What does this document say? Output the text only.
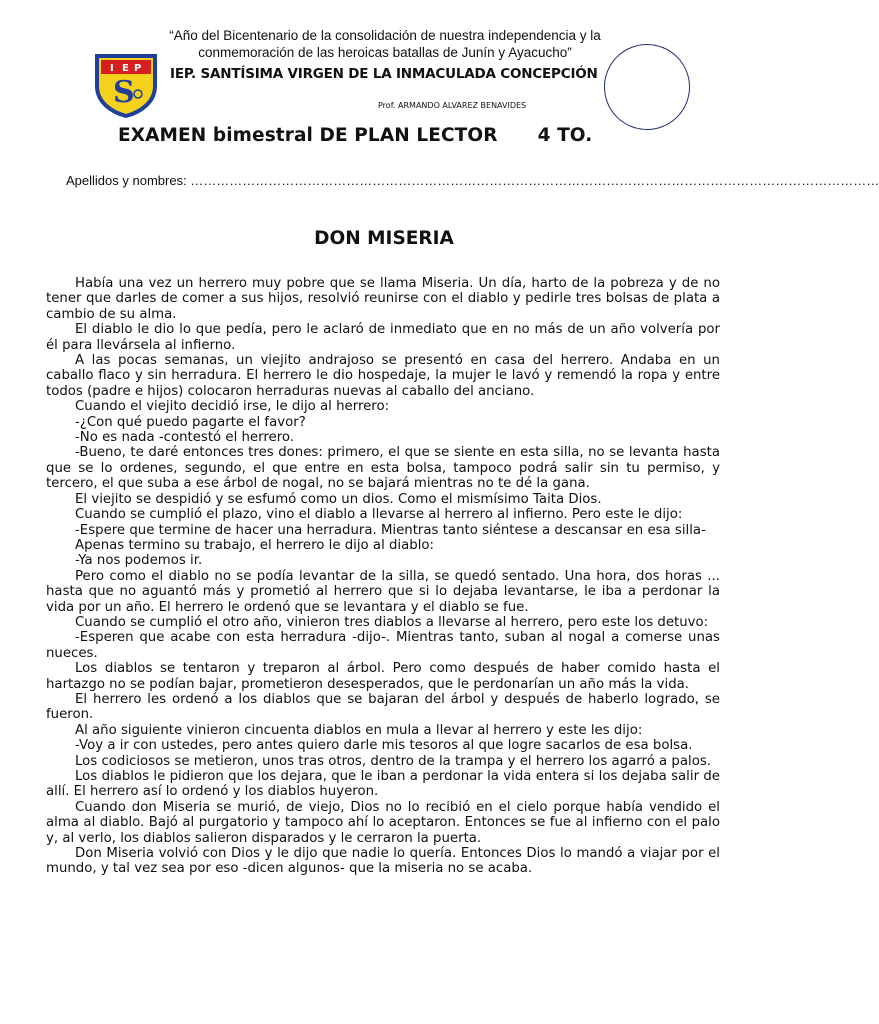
“Año del Bicentenario de la consolidación de nuestra independencia y la
conmemoración de las heroicas batallas de Junín y Ayacucho”
I E P
S
IEP. SANTÍSIMA VIRGEN DE LA INMACULADA CONCEPCIÓN
Prof. ARMANDO ALVAREZ BENAVIDES
EXAMEN bimestral DE PLAN LECTOR 4 TO.
Apellidos y nombres: ……………………………………………………………………………………………………………………………………………
DON MISERIA

Había una vez un herrero muy pobre que se llama Miseria. Un día, harto de la pobreza y de no tener que darles de comer a sus hijos, resolvió reunirse con el diablo y pedirle tres bolsas de plata a cambio de su alma.

El diablo le dio lo que pedía, pero le aclaró de inmediato que en no más de un año volvería por él para llevársela al infierno.

A las pocas semanas, un viejito andrajoso se presentó en casa del herrero. Andaba en un caballo flaco y sin herradura. El herrero le dio hospedaje, la mujer le lavó y remendó la ropa y entre todos (padre e hijos) colocaron herraduras nuevas al caballo del anciano.

Cuando el viejito decidió irse, le dijo al herrero:

-¿Con qué puedo pagarte el favor?

-No es nada -contestó el herrero.

-Bueno, te daré entonces tres dones: primero, el que se siente en esta silla, no se levanta hasta que se lo ordenes, segundo, el que entre en esta bolsa, tampoco podrá salir sin tu permiso, y tercero, el que suba a ese árbol de nogal, no se bajará mientras no te dé la gana.

El viejito se despidió y se esfumó como un dios. Como el mismísimo Taita Dios.

Cuando se cumplió el plazo, vino el diablo a llevarse al herrero al infierno. Pero este le dijo:

-Espere que termine de hacer una herradura. Mientras tanto siéntese a descansar en esa silla-

Apenas termino su trabajo, el herrero le dijo al diablo:

-Ya nos podemos ir.

Pero como el diablo no se podía levantar de la silla, se quedó sentado. Una hora, dos horas ... hasta que no aguantó más y prometió al herrero que si lo dejaba levantarse, le iba a perdonar la vida por un año. El herrero le ordenó que se levantara y el diablo se fue.

Cuando se cumplió el otro año, vinieron tres diablos a llevarse al herrero, pero este los detuvo:

-Esperen que acabe con esta herradura -dijo-. Mientras tanto, suban al nogal a comerse unas nueces.

Los diablos se tentaron y treparon al árbol. Pero como después de haber comido hasta el hartazgo no se podían bajar, prometieron desesperados, que le perdonarían un año más la vida.

El herrero les ordenó a los diablos que se bajaran del árbol y después de haberlo logrado, se fueron.

Al año siguiente vinieron cincuenta diablos en mula a llevar al herrero y este les dijo:

-Voy a ir con ustedes, pero antes quiero darle mis tesoros al que logre sacarlos de esa bolsa.

Los codiciosos se metieron, unos tras otros, dentro de la trampa y el herrero los agarró a palos.

Los diablos le pidieron que los dejara, que le iban a perdonar la vida entera si los dejaba salir de allí. El herrero así lo ordenó y los diablos huyeron.

Cuando don Miseria se murió, de viejo, Dios no lo recibió en el cielo porque había vendido el alma al diablo. Bajó al purgatorio y tampoco ahí lo aceptaron. Entonces se fue al infierno con el palo y, al verlo, los diablos salieron disparados y le cerraron la puerta.

Don Miseria volvió con Dios y le dijo que nadie lo quería. Entonces Dios lo mandó a viajar por el mundo, y tal vez sea por eso -dicen algunos- que la miseria no se acaba.
